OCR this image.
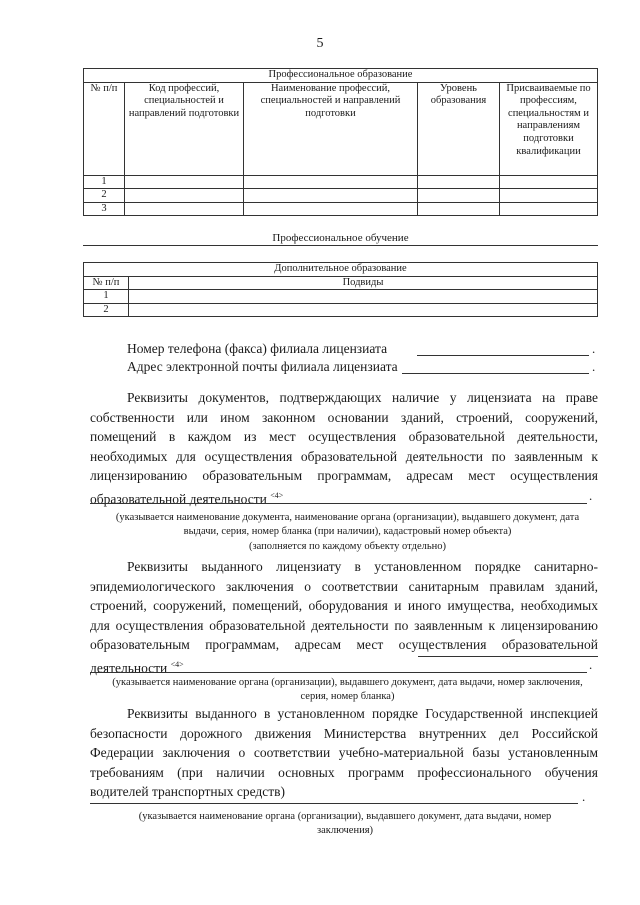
5
Профессиональное образование				
№ п/п	Код профессий, специальностей и направлений подготовки	Наименование профессий, специальностей и направлений подготовки	Уровень образования	Присваиваемые по профессиям, специальностям и направлениям подготовки квалификации
1				
2				
3				
Профессиональное обучение
Дополнительное образование	
№ п/п	Подвиды
1	
2	
Номер телефона (факса) филиала лицензиата	.
Адрес электронной почты филиала лицензиата	.
Реквизиты документов, подтверждающих наличие у лицензиата на праве собственности или ином законном основании зданий, строений, сооружений, помещений в каждом из мест осуществления образовательной деятельности, необходимых для осуществления образовательной деятельности по заявленным к лицензированию образовательным программам, адресам мест осуществления образовательной деятельности $^{<4>}$	.
(указывается наименование документа, наименование органа (организации), выдавшего документ, дата выдачи, серия, номер бланка (при наличии), кадастровый номер объекта)
(заполняется по каждому объекту отдельно)
Реквизиты выданного лицензиату в установленном порядке санитарно-эпидемиологического заключения о соответствии санитарным правилам зданий, строений, сооружений, помещений, оборудования и иного имущества, необходимых для осуществления образовательной деятельности по заявленным к лицензированию образовательным программам, адресам мест осуществления образовательной деятельности $^{<4>}$	.
(указывается наименование органа (организации), выдавшего документ, дата выдачи, номер заключения, серия, номер бланка)
Реквизиты выданного в установленном порядке Государственной инспекцией безопасности дорожного движения Министерства внутренних дел Российской Федерации заключения о соответствии учебно-материальной базы установленным требованиям (при наличии основных программ профессионального обучения водителей транспортных средств)	.
(указывается наименование органа (организации), выдавшего документ, дата выдачи, номер заключения)
